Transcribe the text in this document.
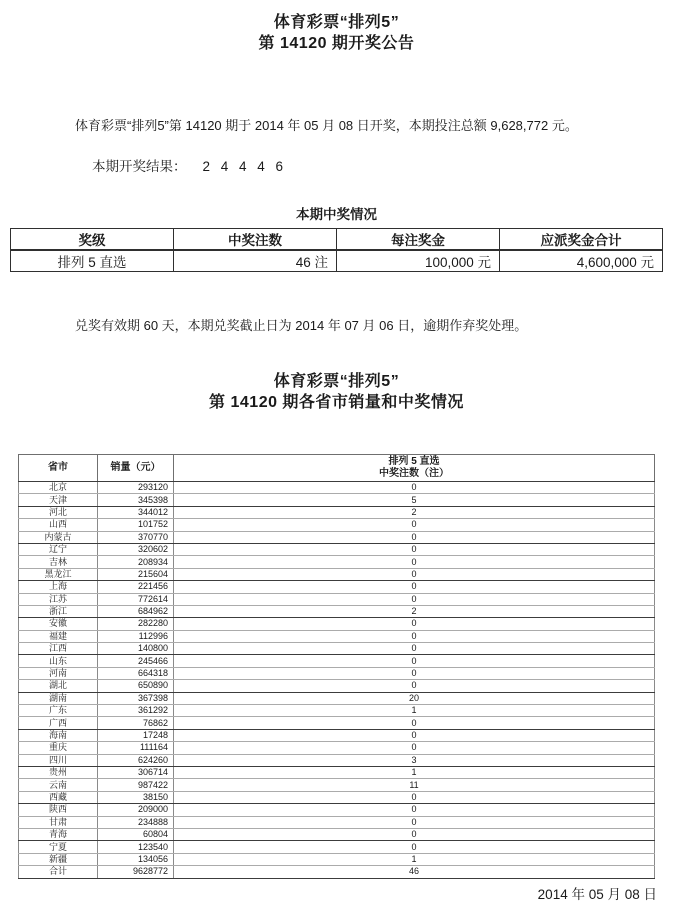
体育彩票“排列5”
第 14120 期开奖公告

体育彩票“排列5”第 14120 期于 2014 年 05 月 08 日开奖，本期投注总额 9,628,772 元。

本期开奖结果： 2 4 4 4 6

本期中奖情况
奖级	中奖注数	每注奖金	应派奖金合计
排列 5 直选	46 注	100,000 元	4,600,000 元

兑奖有效期 60 天，本期兑奖截止日为 2014 年 07 月 06 日，逾期作弃奖处理。

体育彩票“排列5”
第 14120 期各省市销量和中奖情况
省市	销量（元）	排列 5 直选
中奖注数（注）

北京	293120	0
天津	345398	5
河北	344012	2
山西	101752	0
内蒙古	370770	0
辽宁	320602	0
吉林	208934	0
黑龙江	215604	0
上海	221456	0
江苏	772614	0
浙江	684962	2
安徽	282280	0
福建	112996	0
江西	140800	0
山东	245466	0
河南	664318	0
湖北	650890	0
湖南	367398	20
广东	361292	1
广西	76862	0
海南	17248	0
重庆	111164	0
四川	624260	3
贵州	306714	1
云南	987422	11
西藏	38150	0
陕西	209000	0
甘肃	234888	0
青海	60804	0
宁夏	123540	0
新疆	134056	1
合计	9628772	46
2014 年 05 月 08 日
